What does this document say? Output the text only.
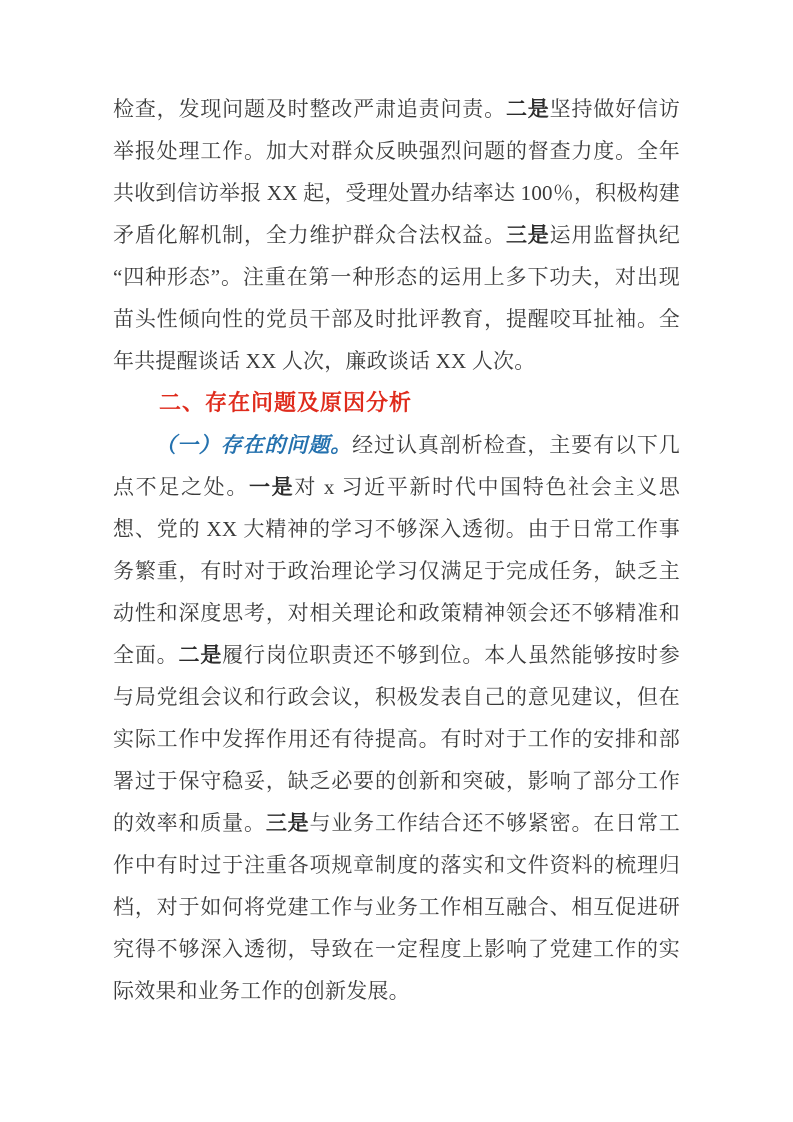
检查，发现问题及时整改严肃追责问责。二是坚持做好信访举报处理工作。加大对群众反映强烈问题的督查力度。全年共收到信访举报 XX 起，受理处置办结率达 100％，积极构建矛盾化解机制，全力维护群众合法权益。三是运用监督执纪“四种形态”。注重在第一种形态的运用上多下功夫，对出现苗头性倾向性的党员干部及时批评教育，提醒咬耳扯袖。全年共提醒谈话 XX 人次，廉政谈话 XX 人次。

二、存在问题及原因分析

（一）存在的问题。经过认真剖析检查，主要有以下几点不足之处。一是对 x 习近平新时代中国特色社会主义思想、党的 XX 大精神的学习不够深入透彻。由于日常工作事务繁重，有时对于政治理论学习仅满足于完成任务，缺乏主动性和深度思考，对相关理论和政策精神领会还不够精准和全面。二是履行岗位职责还不够到位。本人虽然能够按时参与局党组会议和行政会议，积极发表自己的意见建议，但在实际工作中发挥作用还有待提高。有时对于工作的安排和部署过于保守稳妥，缺乏必要的创新和突破，影响了部分工作的效率和质量。三是与业务工作结合还不够紧密。在日常工作中有时过于注重各项规章制度的落实和文件资料的梳理归档，对于如何将党建工作与业务工作相互融合、相互促进研究得不够深入透彻，导致在一定程度上影响了党建工作的实际效果和业务工作的创新发展。
